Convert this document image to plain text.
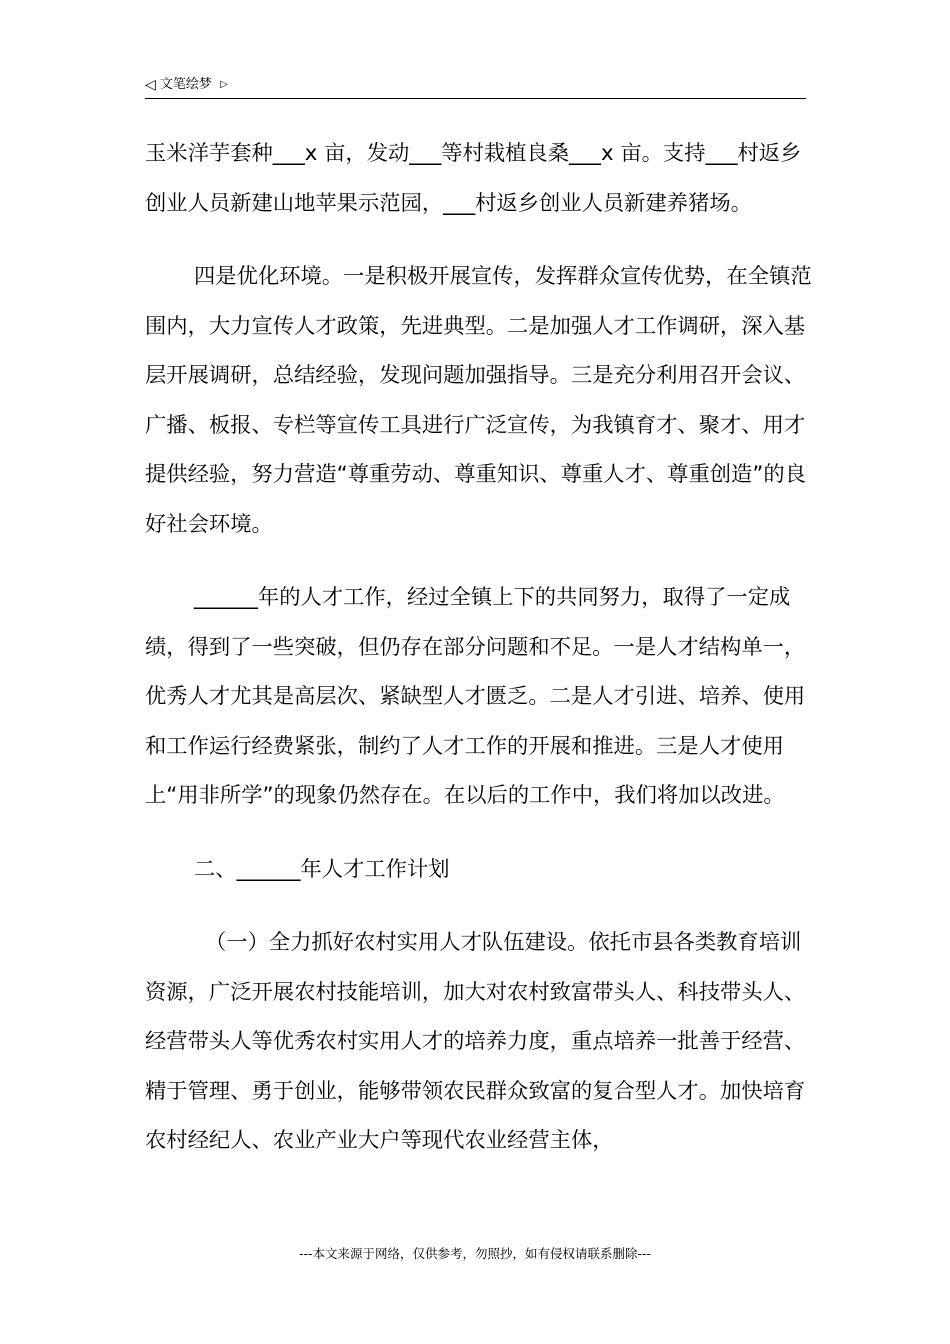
◁ 文笔绘梦 ▷

玉米洋芋套种___x 亩，发动___等村栽植良桑___x 亩。支持___村返乡创业人员新建山地苹果示范园，___村返乡创业人员新建养猪场。

四是优化环境。一是积极开展宣传，发挥群众宣传优势，在全镇范围内，大力宣传人才政策，先进典型。二是加强人才工作调研，深入基层开展调研，总结经验，发现问题加强指导。三是充分利用召开会议、广播、板报、专栏等宣传工具进行广泛宣传，为我镇育才、聚才、用才提供经验，努力营造“尊重劳动、尊重知识、尊重人才、尊重创造”的良好社会环境。

______年的人才工作，经过全镇上下的共同努力，取得了一定成绩，得到了一些突破，但仍存在部分问题和不足。一是人才结构单一，优秀人才尤其是高层次、紧缺型人才匮乏。二是人才引进、培养、使用和工作运行经费紧张，制约了人才工作的开展和推进。三是人才使用上“用非所学”的现象仍然存在。在以后的工作中，我们将加以改进。

二、______年人才工作计划

（一）全力抓好农村实用人才队伍建设。依托市县各类教育培训资源，广泛开展农村技能培训，加大对农村致富带头人、科技带头人、经营带头人等优秀农村实用人才的培养力度，重点培养一批善于经营、精于管理、勇于创业，能够带领农民群众致富的复合型人才。加快培育农村经纪人、农业产业大户等现代农业经营主体，

---本文来源于网络，仅供参考，勿照抄，如有侵权请联系删除---
